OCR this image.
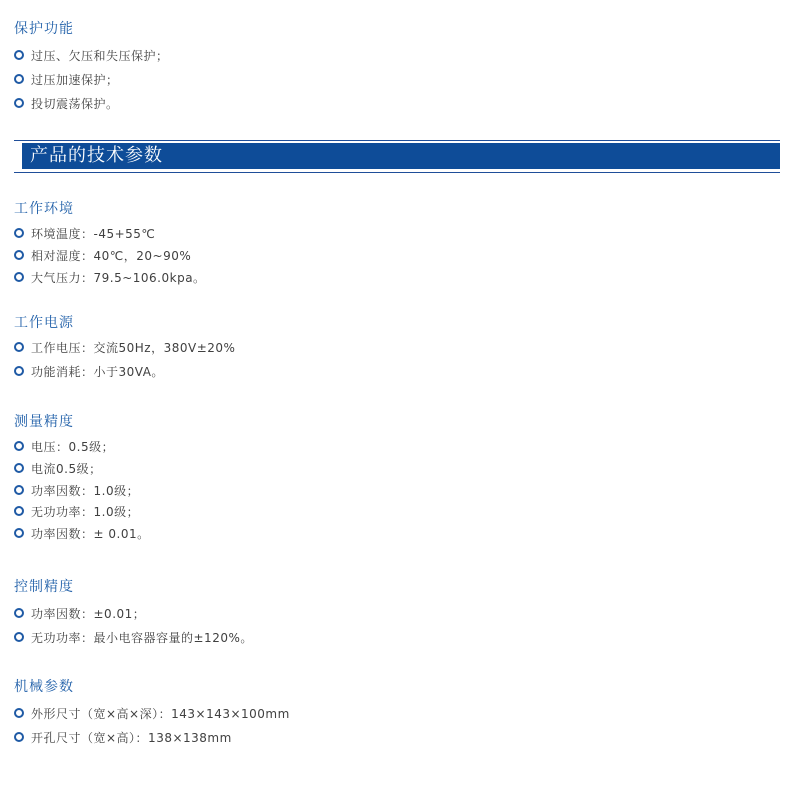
保护功能
过压、欠压和失压保护；
过压加速保护；
投切震荡保护。
产品的技术参数
工作环境
环境温度：-45+55℃
相对湿度：40℃，20~90%
大气压力：79.5~106.0kpa。
工作电源
工作电压：交流50Hz，380V±20%
功能消耗：小于30VA。
测量精度
电压：0.5级；
电流0.5级；
功率因数：1.0级；
无功功率：1.0级；
功率因数：± 0.01。
控制精度
功率因数：±0.01；
无功功率：最小电容器容量的±120%。
机械参数
外形尺寸（宽×高×深）：143×143×100mm
开孔尺寸（宽×高）：138×138mm
